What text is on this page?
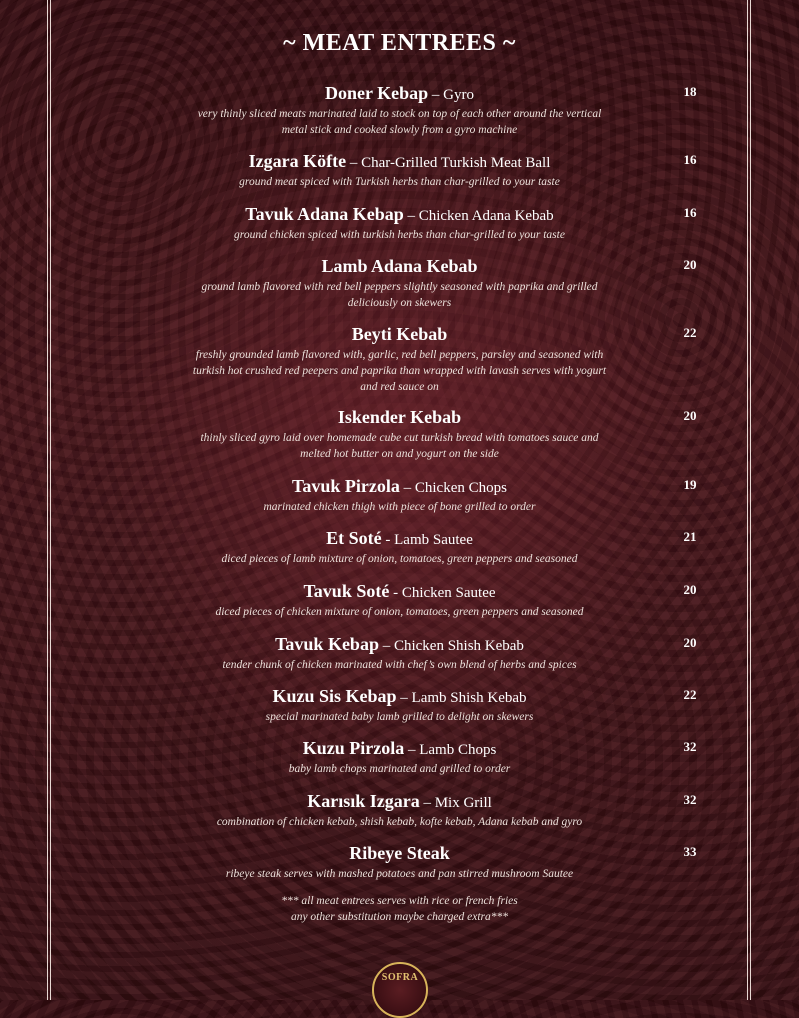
~ MEAT ENTREES ~
Doner Kebap – Gyro
very thinly sliced meats marinated laid to stock on top of each other around the vertical metal stick and cooked slowly from a gyro machine
18
Izgara Köfte – Char-Grilled Turkish Meat Ball
ground meat spiced with Turkish herbs than char-grilled to your taste
16
Tavuk Adana Kebap – Chicken Adana Kebab
ground chicken spiced with turkish herbs than char-grilled to your taste
16
Lamb Adana Kebab
ground lamb flavored with red bell peppers slightly seasoned with paprika and grilled deliciously on skewers
20
Beyti Kebab
freshly grounded lamb flavored with, garlic, red bell peppers, parsley and seasoned with turkish hot crushed red peepers and paprika than wrapped with lavash serves with yogurt and red sauce on
22
Iskender Kebab
thinly sliced gyro laid over homemade cube cut turkish bread with tomatoes sauce and melted hot butter on and yogurt on the side
20
Tavuk Pirzola – Chicken Chops
marinated chicken thigh with piece of bone grilled to order
19
Et Soté - Lamb Sautee
diced pieces of lamb mixture of onion, tomatoes, green peppers and seasoned
21
Tavuk Soté - Chicken Sautee
diced pieces of chicken mixture of onion, tomatoes, green peppers and seasoned
20
Tavuk Kebap – Chicken Shish Kebab
tender chunk of chicken marinated with chef’s own blend of herbs and spices
20
Kuzu Sis Kebap – Lamb Shish Kebab
special marinated baby lamb grilled to delight on skewers
22
Kuzu Pirzola – Lamb Chops
baby lamb chops marinated and grilled to order
32
Karısık Izgara – Mix Grill
combination of chicken kebab, shish kebab, kofte kebab, Adana kebab and gyro
32
Ribeye Steak
ribeye steak serves with mashed potatoes and pan stirred mushroom Sautee
33
*** all meat entrees serves with rice or french fries
any other substitution maybe charged extra***
SOFRA
